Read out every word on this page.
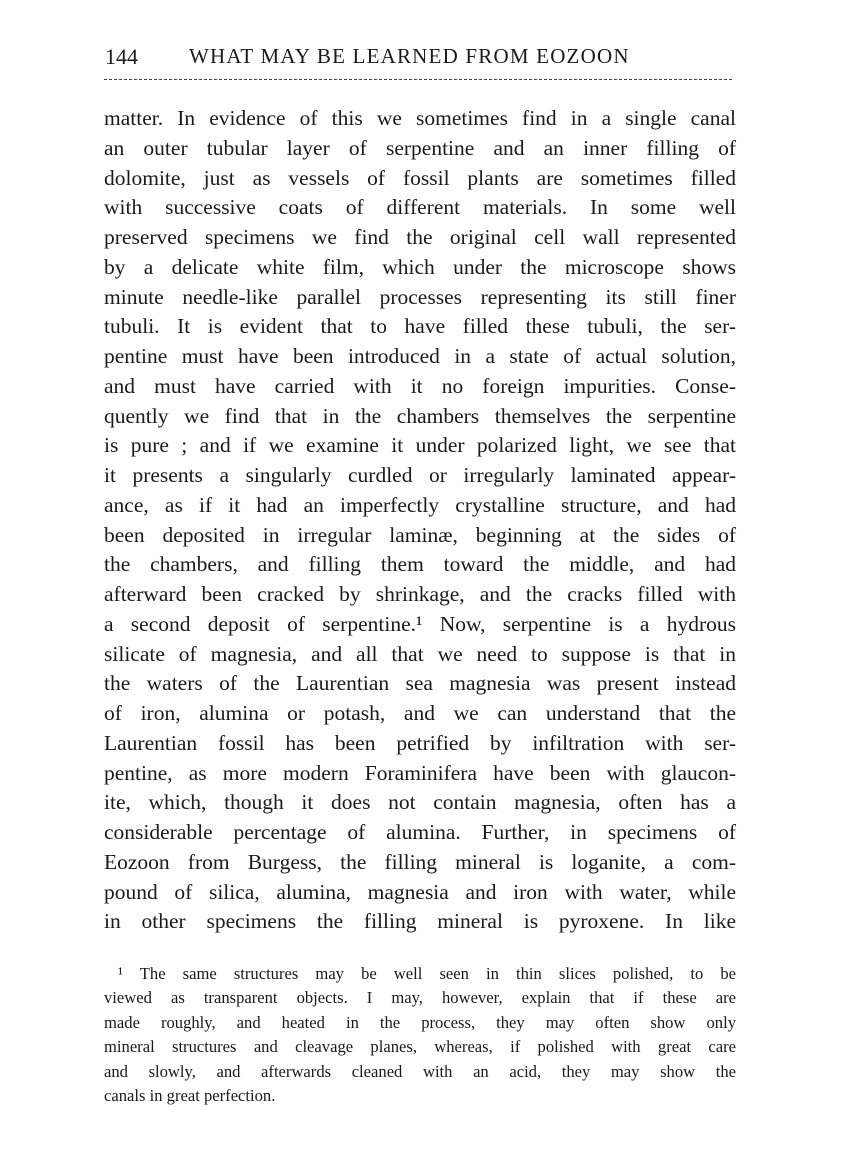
144 WHAT MAY BE LEARNED FROM EOZOON
matter. In evidence of this we sometimes find in a single canal
an outer tubular layer of serpentine and an inner filling of
dolomite, just as vessels of fossil plants are sometimes filled
with successive coats of different materials. In some well
preserved specimens we find the original cell wall represented
by a delicate white film, which under the microscope shows
minute needle-like parallel processes representing its still finer
tubuli. It is evident that to have filled these tubuli, the ser-
pentine must have been introduced in a state of actual solution,
and must have carried with it no foreign impurities. Conse-
quently we find that in the chambers themselves the serpentine
is pure ; and if we examine it under polarized light, we see that
it presents a singularly curdled or irregularly laminated appear-
ance, as if it had an imperfectly crystalline structure, and had
been deposited in irregular laminæ, beginning at the sides of
the chambers, and filling them toward the middle, and had
afterward been cracked by shrinkage, and the cracks filled with
a second deposit of serpentine.¹ Now, serpentine is a hydrous
silicate of magnesia, and all that we need to suppose is that in
the waters of the Laurentian sea magnesia was present instead
of iron, alumina or potash, and we can understand that the
Laurentian fossil has been petrified by infiltration with ser-
pentine, as more modern Foraminifera have been with glaucon-
ite, which, though it does not contain magnesia, often has a
considerable percentage of alumina. Further, in specimens of
Eozoon from Burgess, the filling mineral is loganite, a com-
pound of silica, alumina, magnesia and iron with water, while
in other specimens the filling mineral is pyroxene. In like
¹ The same structures may be well seen in thin slices polished, to be
viewed as transparent objects. I may, however, explain that if these are
made roughly, and heated in the process, they may often show only
mineral structures and cleavage planes, whereas, if polished with great care
and slowly, and afterwards cleaned with an acid, they may show the
canals in great perfection.
